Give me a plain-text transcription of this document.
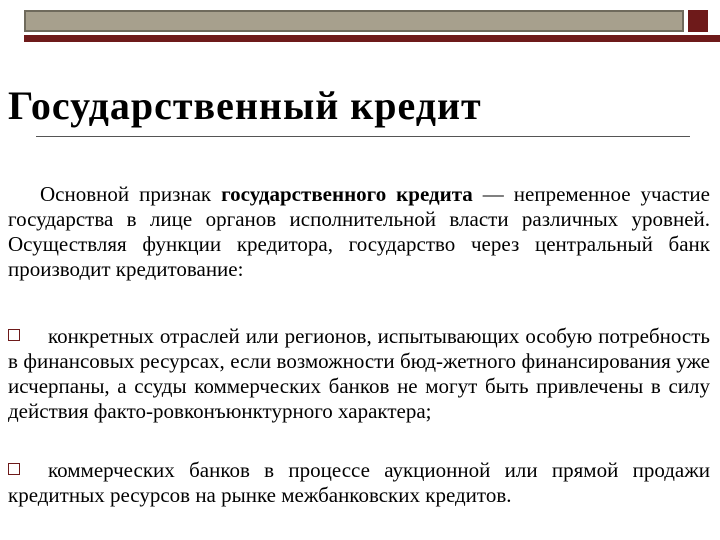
Государственный кредит
Основной признак государственного кредита — непременное участие государства в лице органов исполнительной власти различных уровней. Осуществляя функции кредитора, государство через центральный банк производит кредитование:
конкретных отраслей или регионов, испытывающих особую потребность в финансовых ресурсах, если возможности бюд-жетного финансирования уже исчерпаны, а ссуды коммерческих банков не могут быть привлечены в силу действия факто-ровконъюнктурного характера;
коммерческих банков в процессе аукционной или прямой продажи кредитных ресурсов на рынке межбанковских кредитов.
